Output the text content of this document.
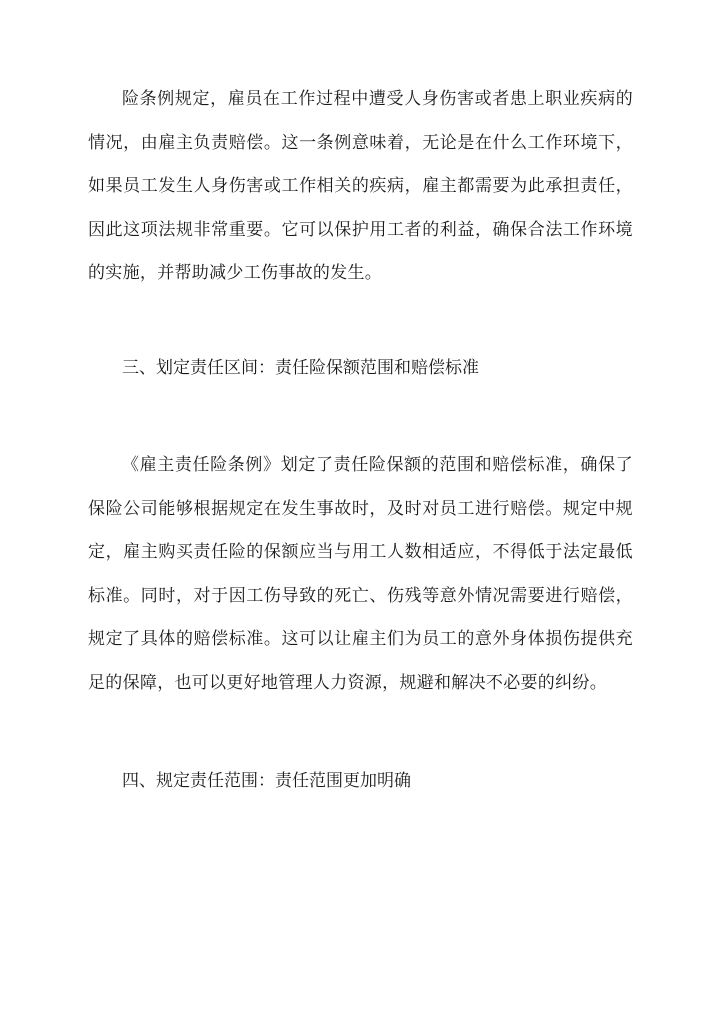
险条例规定，雇员在工作过程中遭受人身伤害或者患上职业疾病的情况，由雇主负责赔偿。这一条例意味着，无论是在什么工作环境下，如果员工发生人身伤害或工作相关的疾病，雇主都需要为此承担责任，因此这项法规非常重要。它可以保护用工者的利益，确保合法工作环境的实施，并帮助减少工伤事故的发生。

三、划定责任区间：责任险保额范围和赔偿标准

《雇主责任险条例》划定了责任险保额的范围和赔偿标准，确保了保险公司能够根据规定在发生事故时，及时对员工进行赔偿。规定中规定，雇主购买责任险的保额应当与用工人数相适应，不得低于法定最低标准。同时，对于因工伤导致的死亡、伤残等意外情况需要进行赔偿，规定了具体的赔偿标准。这可以让雇主们为员工的意外身体损伤提供充足的保障，也可以更好地管理人力资源，规避和解决不必要的纠纷。

四、规定责任范围：责任范围更加明确
